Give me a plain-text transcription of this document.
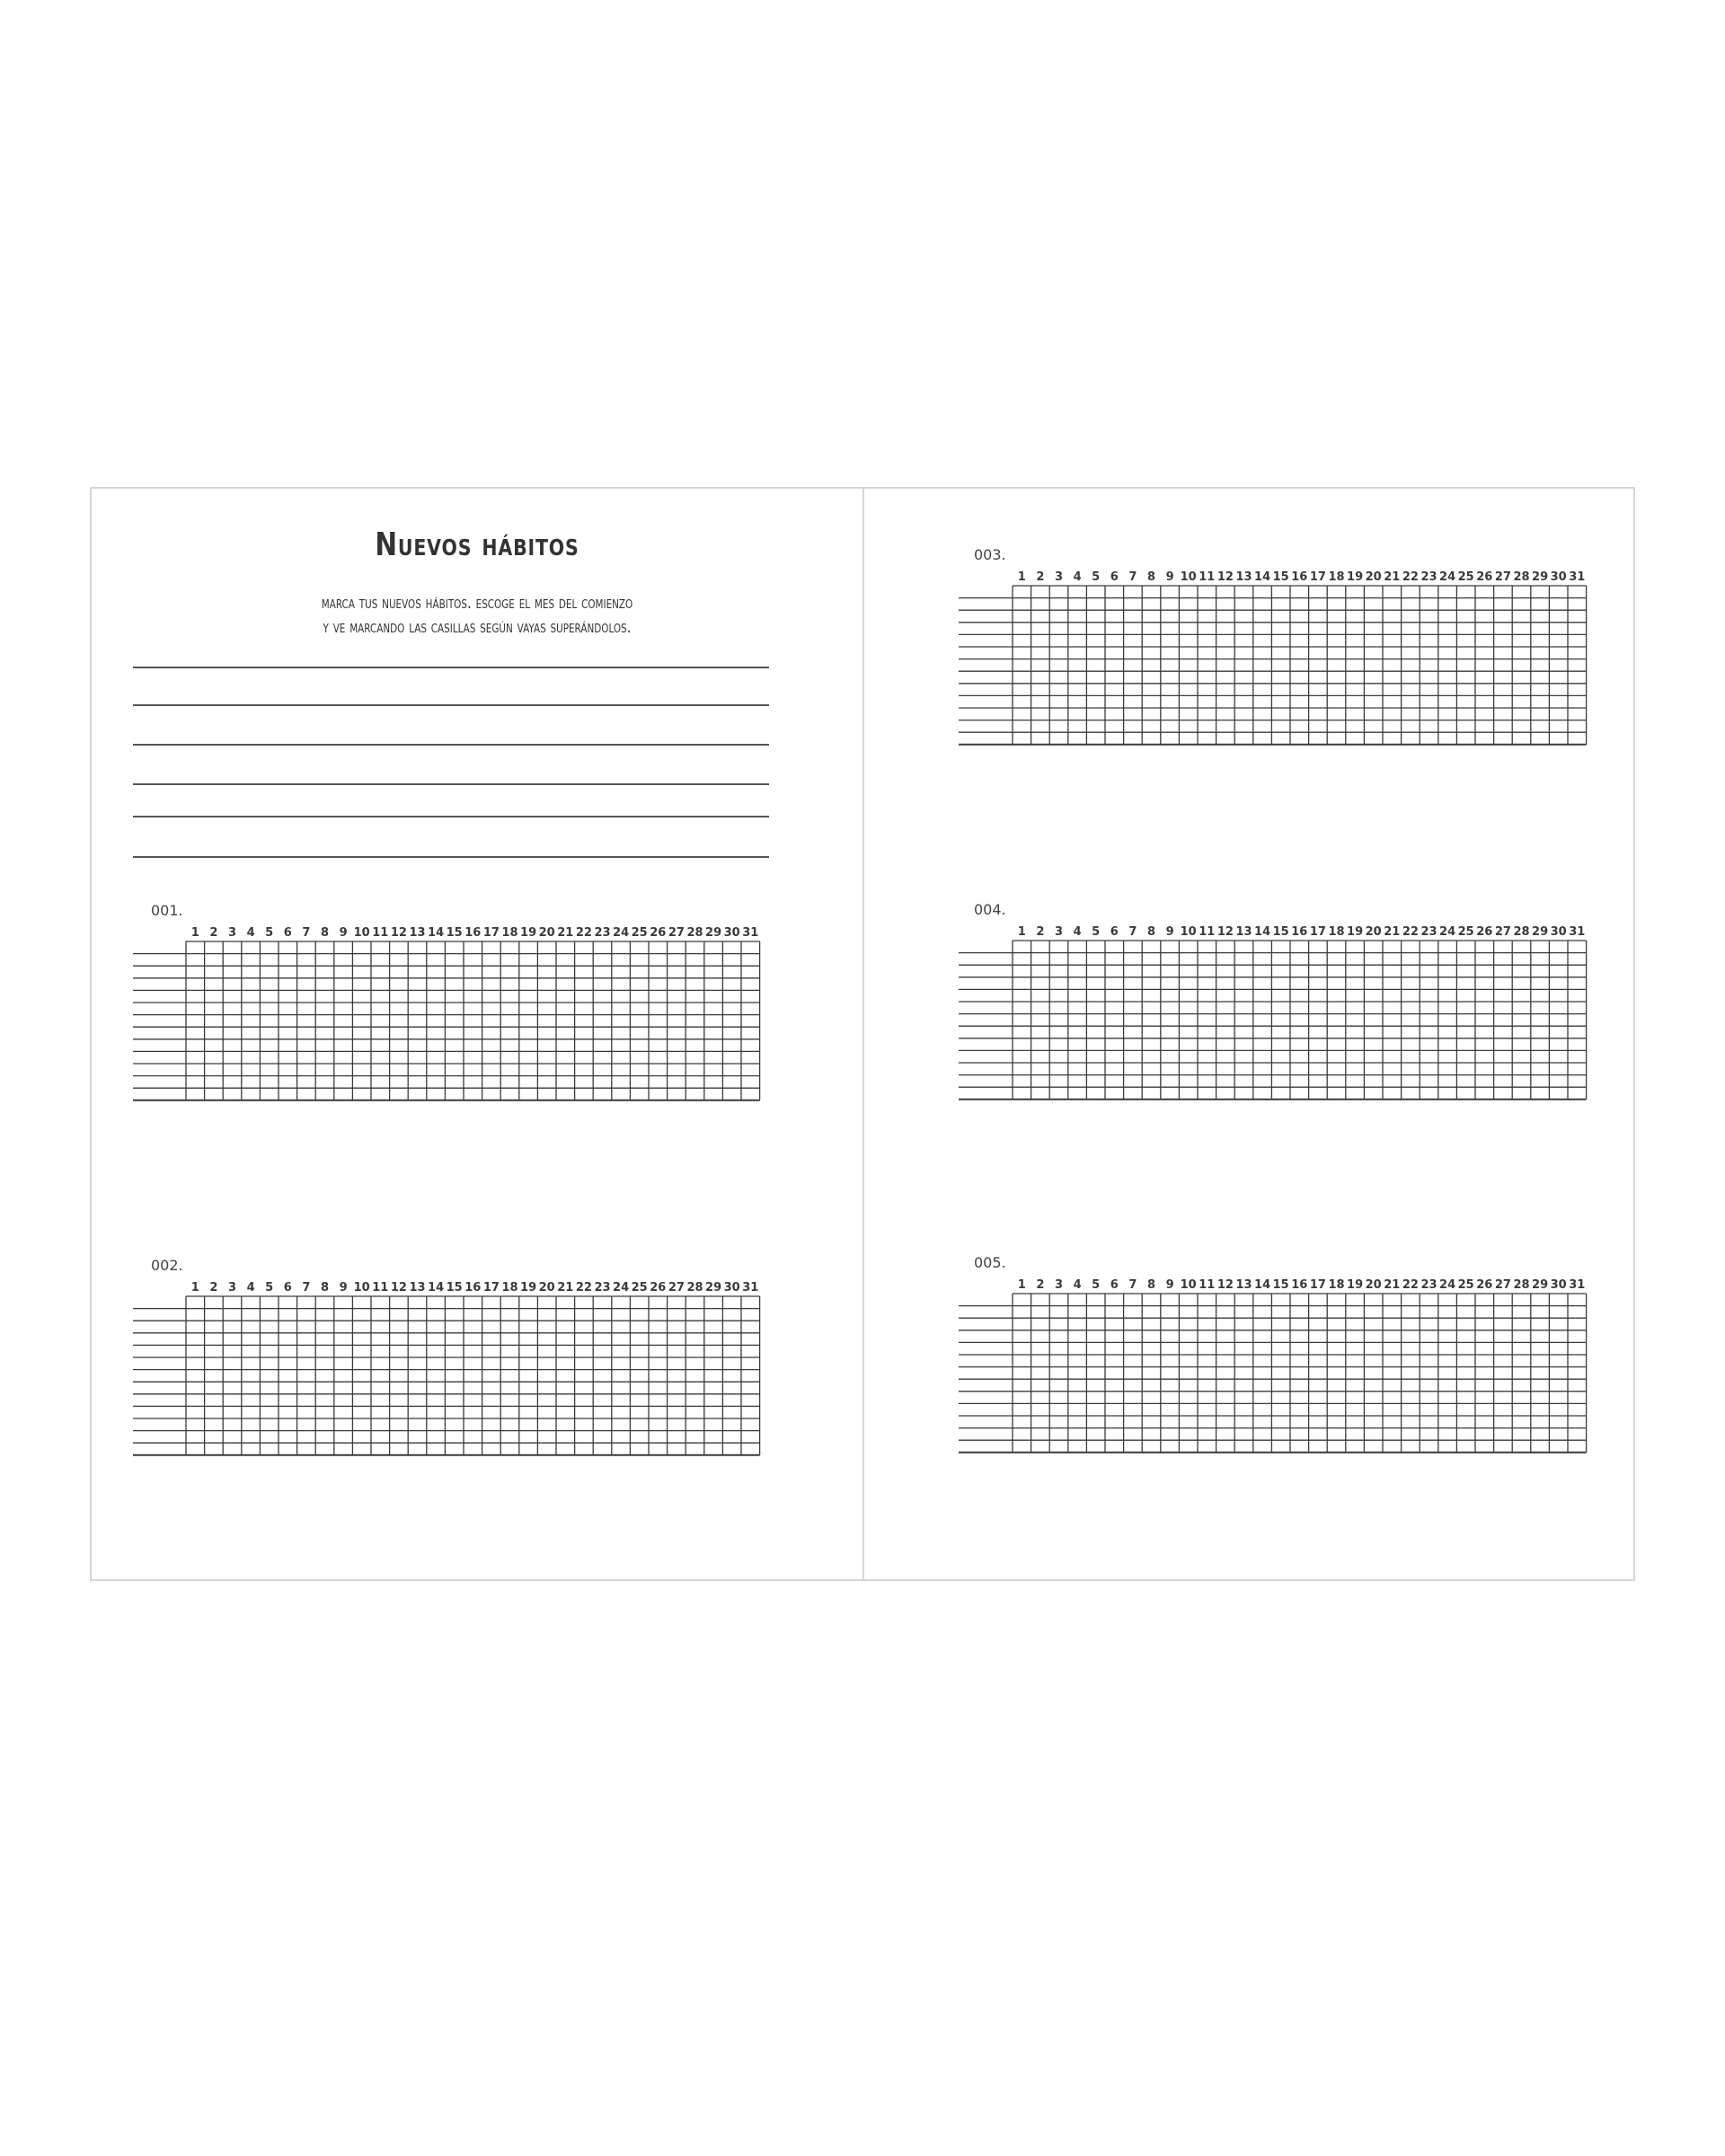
Nuevos hábitos
marca tus nuevos hábitos. escoge el mes del comienzo
y ve marcando las casillas según vayas superándolos.
001.
1 2 3 4 5 6 7 8 9 10 11 12 13 14 15 16 17 18 19 20 21 22 23 24 25 26 27 28 29 30 31
002.
1 2 3 4 5 6 7 8 9 10 11 12 13 14 15 16 17 18 19 20 21 22 23 24 25 26 27 28 29 30 31
003.
1 2 3 4 5 6 7 8 9 10 11 12 13 14 15 16 17 18 19 20 21 22 23 24 25 26 27 28 29 30 31
004.
1 2 3 4 5 6 7 8 9 10 11 12 13 14 15 16 17 18 19 20 21 22 23 24 25 26 27 28 29 30 31
005.
1 2 3 4 5 6 7 8 9 10 11 12 13 14 15 16 17 18 19 20 21 22 23 24 25 26 27 28 29 30 31
